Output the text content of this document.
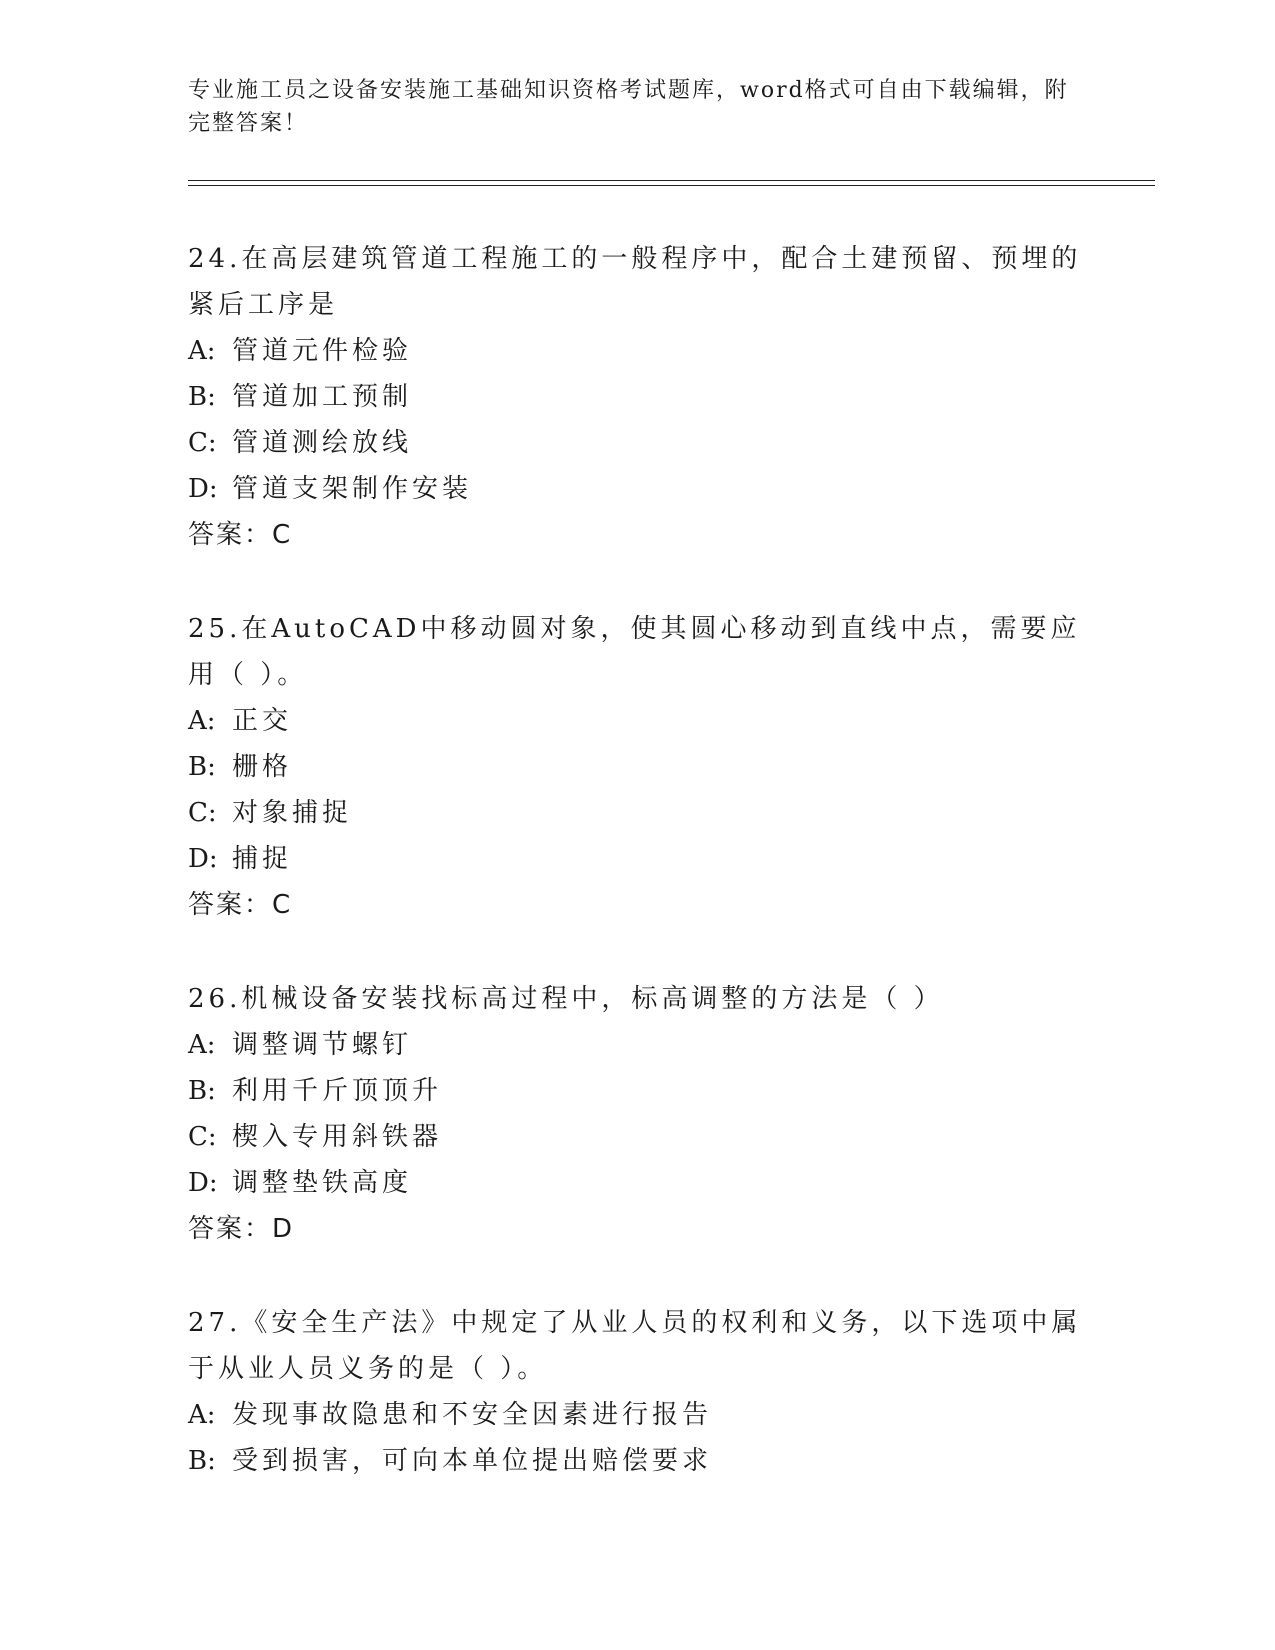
专业施工员之设备安装施工基础知识资格考试题库，word格式可自由下载编辑，附完整答案！
24.在高层建筑管道工程施工的一般程序中，配合土建预留、预埋的紧后工序是
A: 管道元件检验
B: 管道加工预制
C: 管道测绘放线
D: 管道支架制作安装
答案：C
25.在AutoCAD中移动圆对象，使其圆心移动到直线中点，需要应用（ ）。
A: 正交
B: 栅格
C: 对象捕捉
D: 捕捉
答案：C
26.机械设备安装找标高过程中，标高调整的方法是（ ）
A: 调整调节螺钉
B: 利用千斤顶顶升
C: 楔入专用斜铁器
D: 调整垫铁高度
答案：D
27.《安全生产法》中规定了从业人员的权利和义务，以下选项中属于从业人员义务的是（ ）。
A: 发现事故隐患和不安全因素进行报告
B: 受到损害，可向本单位提出赔偿要求
